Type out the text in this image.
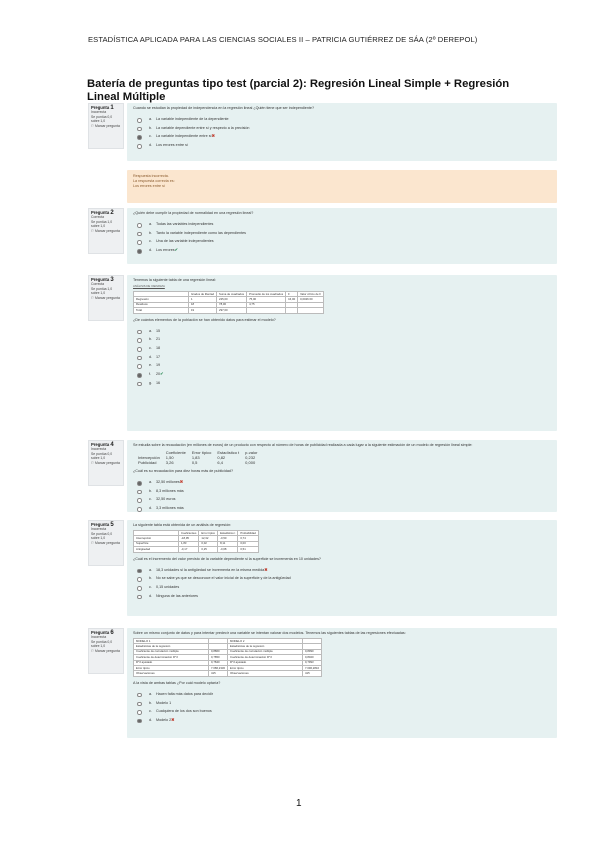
ESTADÍSTICA APLICADA PARA LAS CIENCIAS SOCIALES II – PATRICIA GUTIÉRREZ DE SÁA (2º DEREPOL)
Batería de preguntas tipo test (parcial 2): Regresión Lineal Simple + Regresión Lineal Múltiple
Pregunta 1
Incorrecta
Se puntúa 0,0 sobre 1,0
⚐ Marcar pregunta
Cuando se estudian la propiedad de independencia en la regresión lineal ¿Quién tiene que ser independiente?
a. La variable independiente de la dependiente
b. La variable dependiente entre sí y respecto a la precisión
c. La variable independiente entre sí✖
d. Los errores entre sí
Respuesta incorrecta.
La respuesta correcta es:
Los errores entre sí
Pregunta 2
Correcta
Se puntúa 1,0 sobre 1,0
⚐ Marcar pregunta
¿Quién debe cumplir la propiedad de normalidad en una regresión lineal?
a. Todas las variables independientes
b. Tanto la variable independiente como las dependientes
c. Una de las variable independientes
d. Los errores✔
Pregunta 3
Correcta
Se puntúa 1,0 sobre 1,0
⚐ Marcar pregunta
Tenemos la siguiente tabla de una regresión lineal:
ANÁLISIS DE VARIANZA
	Grados de libertad	Suma de cuadrados	Promedio de los cuadrados	F	Valor crítico de F
Regresión	1	225,00	75,00	16,00	0,0026 00
Residuos	18	78,00	4,75		
Total	19	297,00			
¿De cuántos elementos de la población se han obtenido datos para estimar el modelo?
a. 15
b. 21
c. 18
d. 17
e. 19
f. 20✔
g. 16
Pregunta 4
Incorrecta
Se puntúa 0,0 sobre 1,0
⚐ Marcar pregunta
Se estudia sobre la recaudación (en millones de euros) de un producto con respecto al número de horas de publicidad realizada a cada lugar a la siguiente estimación de un modelo de regresión lineal simple:
	Coeficiente	Error típico	Estadístico t	p-valor
Intercepción	1,50	1,83	0,82	0,232
Publicidad	3,26	0,5	6,4	0,000
¿Cuál es su recaudación para diez horas más de publicidad?
a. 32,50 millones✖
b. 8,3 millones más
c. 32,50 euros
d. 3,3 millones más
Pregunta 5
Incorrecta
Se puntúa 0,0 sobre 1,0
⚐ Marcar pregunta
La siguiente tabla está obtenida de un análisis de regresión:
	Coeficientes	Error típico	Estadístico t	Probabilidad
Intercepción	-18,95	12,32	-0,50	0,74
Superficie	1,83	0,02	8,11	0,00
Antigüedad	-0,17	0,25	-0,68	0,51
¿Cuál es el incremento del valor previsto de la variable dependiente si la superficie se incrementa en 10 unidades?
a. 18,3 unidades si la antigüedad se incrementa en la misma medida✖
b. No se sabe ya que se desconoce el valor inicial de la superficie y de la antigüedad
c. 0,15 unidades
d. Ninguna de las anteriores
Pregunta 6
Incorrecta
Se puntúa 0,0 sobre 1,0
⚐ Marcar pregunta
Sobre un mismo conjunto de datos y para intentar predecir una variable se intentan valorar dos modelos. Tenemos las siguientes tablas de las regresiones efectuadas:
MODELO 1		MODELO 2	
Estadísticas de la regresión		Estadísticas de la regresión	
Coeficiente de correlación múltiple	0,8860	Coeficiente de correlación múltiple	0,8990
Coeficiente de determinación R^2	0,7850	Coeficiente de determinación R^2	0,8020
R^2 ajustado	0,7840	R^2 ajustado	0,7993
Error típico	7.086,2330	Error típico	7.096,2810
Observaciones	415	Observaciones	415
A la vista de ambas tablas ¿Por cuál modelo optaría?
a. Hacen falta más datos para decidir
b. Modelo 1
c. Cualquiera de los dos son buenos
d. Modelo 2✖
1
